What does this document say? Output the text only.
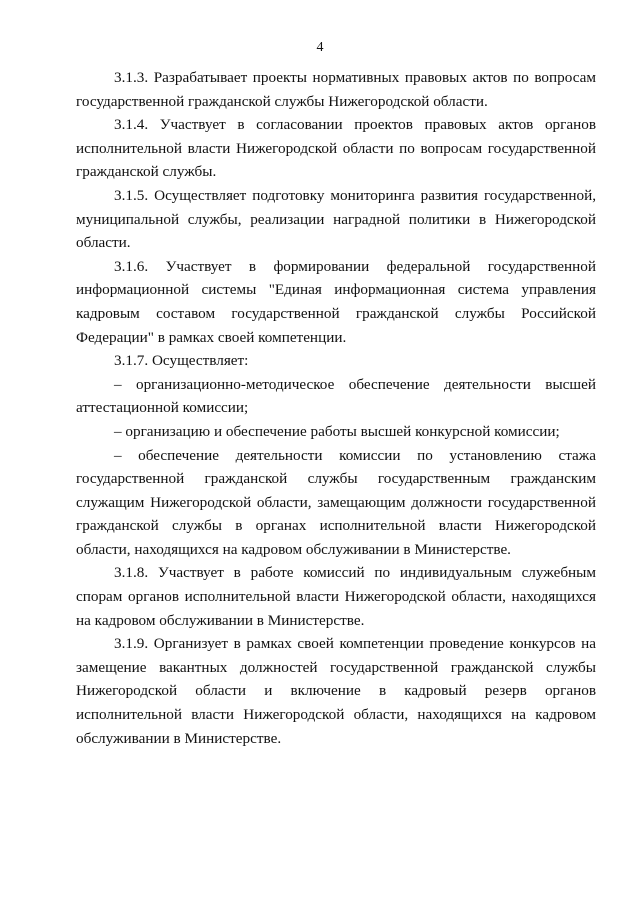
4

3.1.3. Разрабатывает проекты нормативных правовых актов по вопросам государственной гражданской службы Нижегородской области.

3.1.4. Участвует в согласовании проектов правовых актов органов исполнительной власти Нижегородской области по вопросам государственной гражданской службы.

3.1.5. Осуществляет подготовку мониторинга развития государственной, муниципальной службы, реализации наградной политики в Нижегородской области.

3.1.6. Участвует в формировании федеральной государственной информационной системы "Единая информационная система управления кадровым составом государственной гражданской службы Российской Федерации" в рамках своей компетенции.

3.1.7. Осуществляет:

– организационно-методическое обеспечение деятельности высшей аттестационной комиссии;

– организацию и обеспечение работы высшей конкурсной комиссии;

– обеспечение деятельности комиссии по установлению стажа государственной гражданской службы государственным гражданским служащим Нижегородской области, замещающим должности государственной гражданской службы в органах исполнительной власти Нижегородской области, находящихся на кадровом обслуживании в Министерстве.

3.1.8. Участвует в работе комиссий по индивидуальным служебным спорам органов исполнительной власти Нижегородской области, находящихся на кадровом обслуживании в Министерстве.

3.1.9. Организует в рамках своей компетенции проведение конкурсов на замещение вакантных должностей государственной гражданской службы Нижегородской области и включение в кадровый резерв органов исполнительной власти Нижегородской области, находящихся на кадровом обслуживании в Министерстве.
